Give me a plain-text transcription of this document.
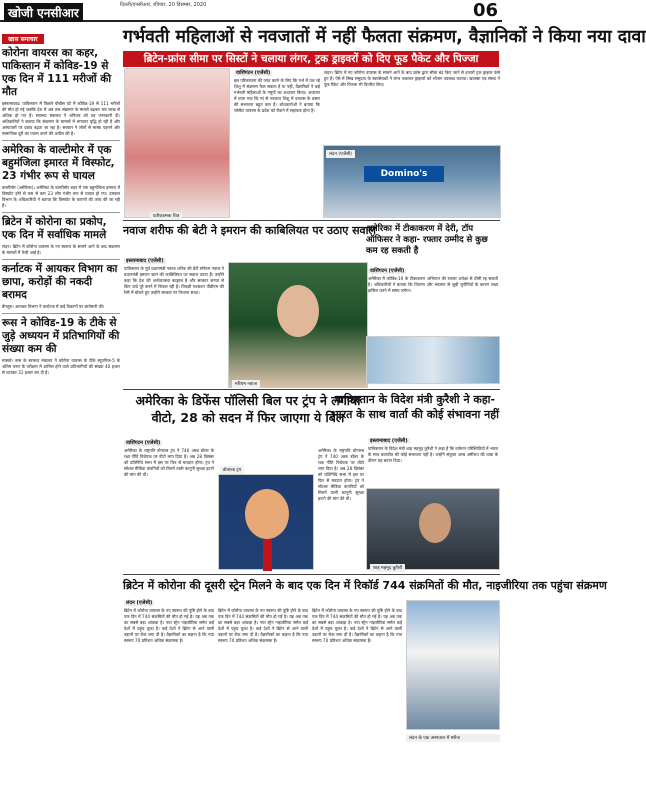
खोजी एनसीआर
दिल्ली/एनसीआर, रविवार, 20 दिसम्बर, 2020	06
खास समाचार
कोरोना वायरस का कहर, पाकिस्तान में कोविड-19 से एक दिन में 111 मरीजों की मौत
इस्लामाबाद। पाकिस्तान में पिछले चौबीस घंटे में कोविड-19 से 111 मरीजों की मौत हो गई जबकि देश में अब तक संक्रमण के मामले बढ़कर चार लाख से अधिक हो गए हैं। स्वास्थ्य मंत्रालय ने शनिवार को यह जानकारी दी। अधिकारियों ने बताया कि संक्रमण के मामलों में लगातार वृद्धि हो रही है और अस्पतालों पर दबाव बढ़ता जा रहा है। सरकार ने लोगों से मास्क पहनने और सामाजिक दूरी का पालन करने की अपील की है।
अमेरिका के वाल्टीमोर में एक बहुमंजिला इमारत में विस्फोट, 23 गंभीर रूप से घायल
वाल्टीमोर (अमेरिका)। अमेरिका के वाल्टीमोर शहर में एक बहुमंजिला इमारत में विस्फोट होने से कम से कम 23 लोग गंभीर रूप से घायल हो गए। दमकल विभाग के अधिकारियों ने बताया कि विस्फोट के कारणों की जांच की जा रही है।
ब्रिटेन में कोरोना का प्रकोप, एक दिन में सर्वाधिक मामले
लंदन। ब्रिटेन में कोरोना वायरस के नए स्वरूप के सामने आने के बाद संक्रमण के मामलों में तेजी आई है।
कर्नाटक में आयकर विभाग का छापा, करोड़ों की नकदी बरामद
बेंगलुरु। आयकर विभाग ने कर्नाटक में कई ठिकानों पर छापेमारी की।
रूस ने कोविड-19 के टीके से जुड़े अध्ययन में प्रतिभागियों की संख्या कम की
मास्को। रूस के स्वास्थ्य मंत्रालय ने कोरोना वायरस के टीके स्पुतनिक-5 के अंतिम चरण के परीक्षण में शामिल होने वाले प्रतिभागियों की संख्या 40 हजार से घटाकर 31 हजार कर दी है।
गर्भवती महिलाओं से नवजातों में नहीं फैलता संक्रमण, वैज्ञानिकों ने किया नया दावा
ब्रिटेन-फ्रांस सीमा पर सिस्टों ने चलाया लंगर, ट्रक ड्राइवरों को दिए फूड पैकेट और पिज्जा
प्रतीकात्मक चित्र
वाशिंगटन (एजेंसी)
इस परिकल्पना की जांच करने के लिए कि गर्भ में पल रहे शिशु में संक्रमण फैल सकता है या नहीं, वैज्ञानिकों ने कई गर्भवती महिलाओं के नमूनों का अध्ययन किया। अध्ययन में पाया गया कि मां से नवजात शिशु में वायरस के प्रसार की संभावना बहुत कम है। शोधकर्ताओं ने बताया कि प्लेसेंटा वायरस के प्रवेश को रोकने में सहायक होता है।
लंदन। ब्रिटेन में नए कोरोना वायरस के सामने आने के बाद फ्रांस द्वारा सीमा बंद किए जाने से हजारों ट्रक ड्राइवर फंसे हुए हैं। ऐसे में सिख समुदाय के स्वयंसेवकों ने लंगर चलाकर ड्राइवरों को भोजन उपलब्ध कराया। खालसा एड संस्था ने फूड पैकेट और पिज्जा भी वितरित किए।
Domino's
लंदन (एजेंसी)
नवाज शरीफ की बेटी ने इमरान की काबिलियत पर उठाए सवाल
इस्लामाबाद (एजेंसी)
पाकिस्तान के पूर्व प्रधानमंत्री नवाज शरीफ की बेटी मरियम नवाज ने प्रधानमंत्री इमरान खान की काबिलियत पर सवाल उठाए हैं। उन्होंने कहा कि देश की अर्थव्यवस्था बदहाल है और सरकार जनता से किए वादे पूरे करने में विफल रही है। विपक्षी गठबंधन पीडीएम की रैली में बोलते हुए उन्होंने सरकार पर निशाना साधा।
मरियम नवाज
अमेरिका में टीकाकरण में देरी, टॉप ऑफिसर ने कहा- रफ्तार उम्मीद से कुछ कम रह सकती है
वाशिंगटन (एजेंसी)
अमेरिका में कोविड-19 के टीकाकरण अभियान की रफ्तार अपेक्षा से धीमी रह सकती है। अधिकारियों ने बताया कि वितरण और भंडारण से जुड़ी चुनौतियों के कारण लक्ष्य हासिल करने में समय लगेगा।
अमेरिका के डिफेंस पॉलिसी बिल पर ट्रंप ने लगाया वीटो, 28 को सदन में फिर जाएगा ये बिल
वाशिंगटन (एजेंसी)
अमेरिका के राष्ट्रपति डोनाल्ड ट्रंप ने 740 अरब डॉलर के रक्षा नीति विधेयक पर वीटो लगा दिया है। अब 28 दिसंबर को प्रतिनिधि सभा में इस पर फिर से मतदान होगा। ट्रंप ने सोशल मीडिया कंपनियों को मिलने वाली कानूनी सुरक्षा हटाने की मांग की थी।
डोनाल्ड ट्रंप
अमेरिका के राष्ट्रपति डोनाल्ड ट्रंप ने 740 अरब डॉलर के रक्षा नीति विधेयक पर वीटो लगा दिया है। अब 28 दिसंबर को प्रतिनिधि सभा में इस पर फिर से मतदान होगा। ट्रंप ने सोशल मीडिया कंपनियों को मिलने वाली कानूनी सुरक्षा हटाने की मांग की थी।
पाकिस्तान के विदेश मंत्री कुरैशी ने कहा- भारत के साथ वार्ता की कोई संभावना नहीं
इस्लामाबाद (एजेंसी)
पाकिस्तान के विदेश मंत्री शाह महमूद कुरैशी ने कहा है कि वर्तमान परिस्थितियों में भारत के साथ बातचीत की कोई संभावना नहीं है। उन्होंने संयुक्त अरब अमीरात की यात्रा के दौरान यह बयान दिया।
शाह महमूद कुरैशी
ब्रिटेन में कोरोना की दूसरी स्ट्रेन मिलने के बाद एक दिन में रिकॉर्ड 744 संक्रमितों की मौत, नाइजीरिया तक पहुंचा संक्रमण
लंदन (एजेंसी)
ब्रिटेन में कोरोना वायरस के नए स्वरूप की पुष्टि होने के बाद एक दिन में 744 संक्रमितों की मौत हो गई है। यह अब तक का सबसे बड़ा आंकड़ा है। नया स्ट्रेन नाइजीरिया समेत कई देशों में पहुंच चुका है। कई देशों ने ब्रिटेन से आने वाली उड़ानों पर रोक लगा दी है। वैज्ञानिकों का कहना है कि नया स्वरूप 70 प्रतिशत अधिक संक्रामक है।
ब्रिटेन में कोरोना वायरस के नए स्वरूप की पुष्टि होने के बाद एक दिन में 744 संक्रमितों की मौत हो गई है। यह अब तक का सबसे बड़ा आंकड़ा है। नया स्ट्रेन नाइजीरिया समेत कई देशों में पहुंच चुका है। कई देशों ने ब्रिटेन से आने वाली उड़ानों पर रोक लगा दी है। वैज्ञानिकों का कहना है कि नया स्वरूप 70 प्रतिशत अधिक संक्रामक है।
ब्रिटेन में कोरोना वायरस के नए स्वरूप की पुष्टि होने के बाद एक दिन में 744 संक्रमितों की मौत हो गई है। यह अब तक का सबसे बड़ा आंकड़ा है। नया स्ट्रेन नाइजीरिया समेत कई देशों में पहुंच चुका है। कई देशों ने ब्रिटेन से आने वाली उड़ानों पर रोक लगा दी है। वैज्ञानिकों का कहना है कि नया स्वरूप 70 प्रतिशत अधिक संक्रामक है।
लंदन के एक अस्पताल में मरीज
